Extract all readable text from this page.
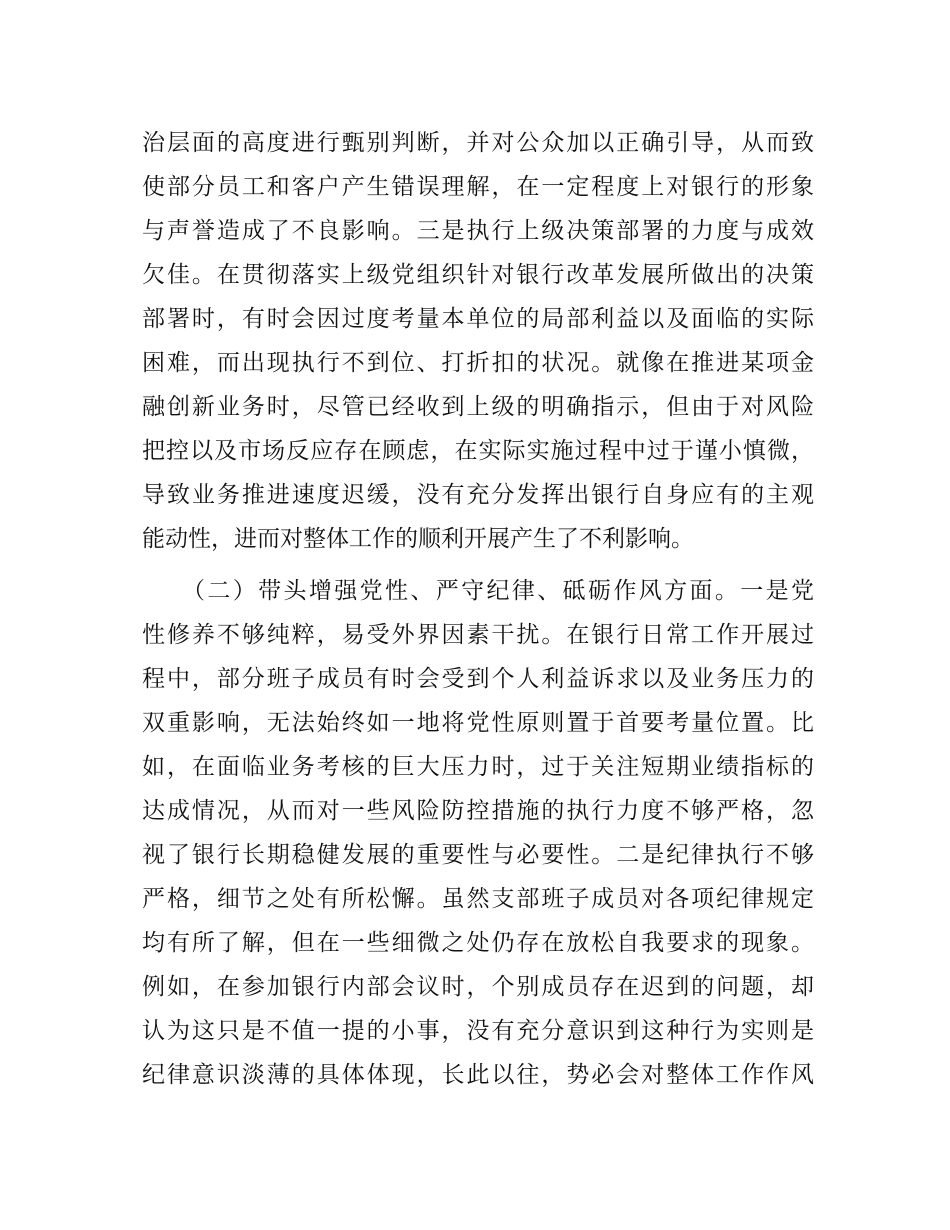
治层面的高度进行甄别判断，并对公众加以正确引导，从而致
使部分员工和客户产生错误理解，在一定程度上对银行的形象
与声誉造成了不良影响。三是执行上级决策部署的力度与成效
欠佳。在贯彻落实上级党组织针对银行改革发展所做出的决策
部署时，有时会因过度考量本单位的局部利益以及面临的实际
困难，而出现执行不到位、打折扣的状况。就像在推进某项金
融创新业务时，尽管已经收到上级的明确指示，但由于对风险
把控以及市场反应存在顾虑，在实际实施过程中过于谨小慎微，
导致业务推进速度迟缓，没有充分发挥出银行自身应有的主观
能动性，进而对整体工作的顺利开展产生了不利影响。
（二）带头增强党性、严守纪律、砥砺作风方面。一是党
性修养不够纯粹，易受外界因素干扰。在银行日常工作开展过
程中，部分班子成员有时会受到个人利益诉求以及业务压力的
双重影响，无法始终如一地将党性原则置于首要考量位置。比
如，在面临业务考核的巨大压力时，过于关注短期业绩指标的
达成情况，从而对一些风险防控措施的执行力度不够严格，忽
视了银行长期稳健发展的重要性与必要性。二是纪律执行不够
严格，细节之处有所松懈。虽然支部班子成员对各项纪律规定
均有所了解，但在一些细微之处仍存在放松自我要求的现象。
例如，在参加银行内部会议时，个别成员存在迟到的问题，却
认为这只是不值一提的小事，没有充分意识到这种行为实则是
纪律意识淡薄的具体体现，长此以往，势必会对整体工作作风
